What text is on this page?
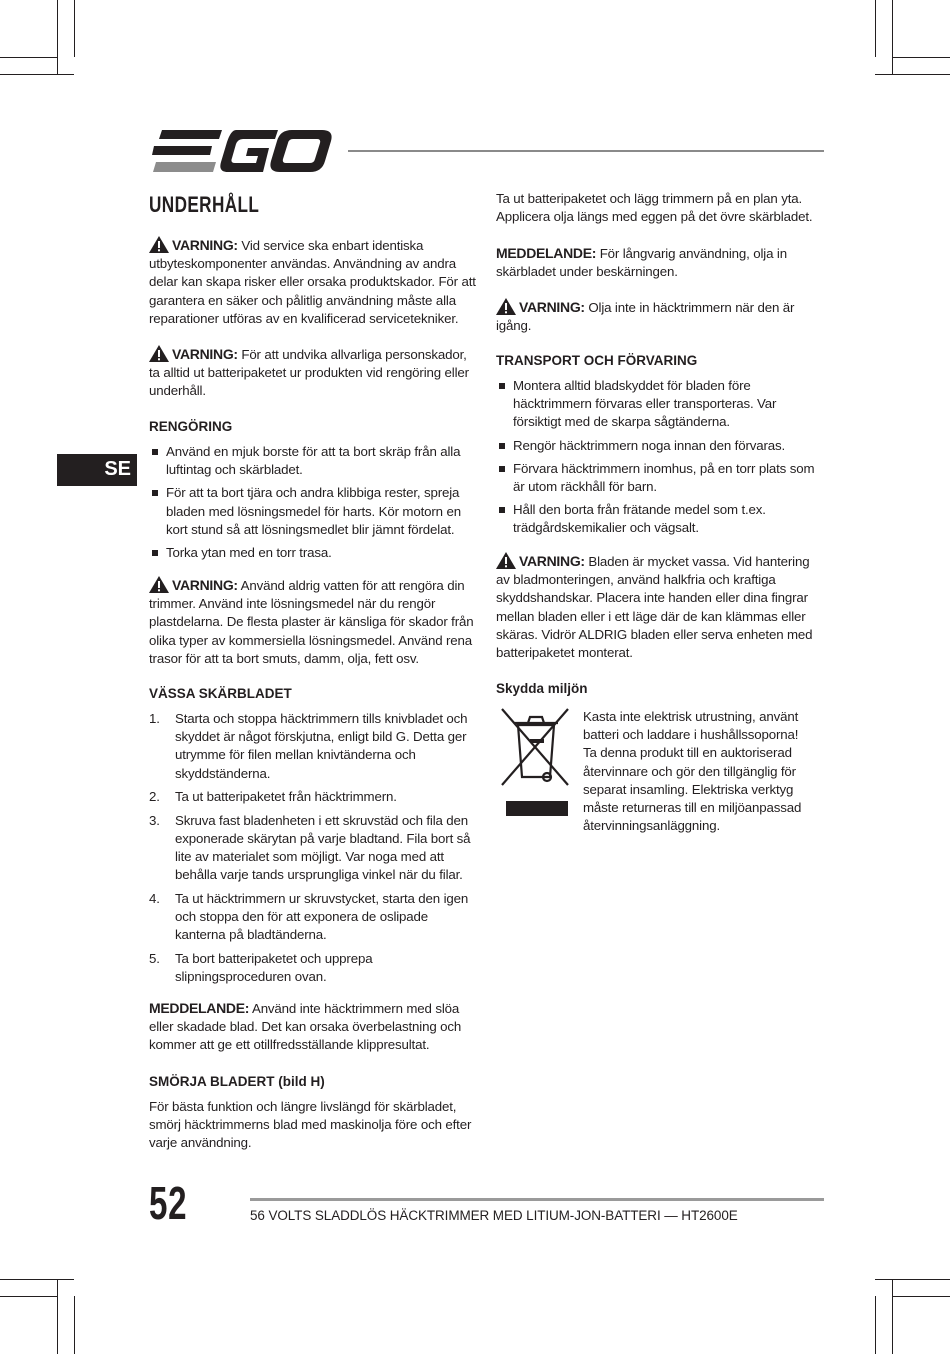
SE
UNDERHÅLL

VARNING: Vid service ska enbart identiska utbyteskomponenter användas. Användning av andra delar kan skapa risker eller orsaka produktskador. För att garantera en säker och pålitlig användning måste alla reparationer utföras av en kvalificerad servicetekniker.

VARNING: För att undvika allvarliga personskador, ta alltid ut batteripaketet ur produkten vid rengöring eller underhåll.

RENGÖRING
Använd en mjuk borste för att ta bort skräp från alla luftintag och skärbladet.
För att ta bort tjära och andra klibbiga rester, spreja bladen med lösningsmedel för harts. Kör motorn en kort stund så att lösningsmedlet blir jämnt fördelat.
Torka ytan med en torr trasa.

VARNING: Använd aldrig vatten för att rengöra din trimmer. Använd inte lösningsmedel när du rengör plastdelarna. De flesta plaster är känsliga för skador från olika typer av kommersiella lösningsmedel. Använd rena trasor för att ta bort smuts, damm, olja, fett osv.

VÄSSA SKÄRBLADET
1. Starta och stoppa häcktrimmern tills knivbladet och skyddet är något förskjutna, enligt bild G. Detta ger utrymme för filen mellan knivtänderna och skyddständerna.
2. Ta ut batteripaketet från häcktrimmern.
3. Skruva fast bladenheten i ett skruvstäd och fila den exponerade skärytan på varje bladtand. Fila bort så lite av materialet som möjligt. Var noga med att behålla varje tands ursprungliga vinkel när du filar.
4. Ta ut häcktrimmern ur skruvstycket, starta den igen och stoppa den för att exponera de oslipade kanterna på bladtänderna.
5. Ta bort batteripaketet och upprepa slipningsproceduren ovan.

MEDDELANDE: Använd inte häcktrimmern med slöa eller skadade blad. Det kan orsaka överbelastning och kommer att ge ett otillfredsställande klippresultat.

SMÖRJA BLADERT (bild H)

För bästa funktion och längre livslängd för skärbladet, smörj häcktrimmerns blad med maskinolja före och efter varje användning.

Ta ut batteripaketet och lägg trimmern på en plan yta. Applicera olja längs med eggen på det övre skärbladet.

MEDDELANDE: För långvarig användning, olja in skärbladet under beskärningen.

VARNING: Olja inte in häcktrimmern när den är igång.

TRANSPORT OCH FÖRVARING
Montera alltid bladskyddet för bladen före häcktrimmern förvaras eller transporteras. Var försiktigt med de skarpa sågtänderna.
Rengör häcktrimmern noga innan den förvaras.
Förvara häcktrimmern inomhus, på en torr plats som är utom räckhåll för barn.
Håll den borta från frätande medel som t.ex. trädgårdskemikalier och vägsalt.

VARNING: Bladen är mycket vassa. Vid hantering av bladmonteringen, använd halkfria och kraftiga skyddshandskar. Placera inte handen eller dina fingrar mellan bladen eller i ett läge där de kan klämmas eller skäras. Vidrör ALDRIG bladen eller serva enheten med batteripaketet monterat.

Skydda miljön

Kasta inte elektrisk utrustning, använt batteri och laddare i hushållssoporna! Ta denna produkt till en auktoriserad återvinnare och gör den tillgänglig för separat insamling. Elektriska verktyg måste returneras till en miljöanpassad återvinningsanläggning.

52	56 VOLTS SLADDLÖS HÄCKTRIMMER MED LITIUM-JON-BATTERI — HT2600E
